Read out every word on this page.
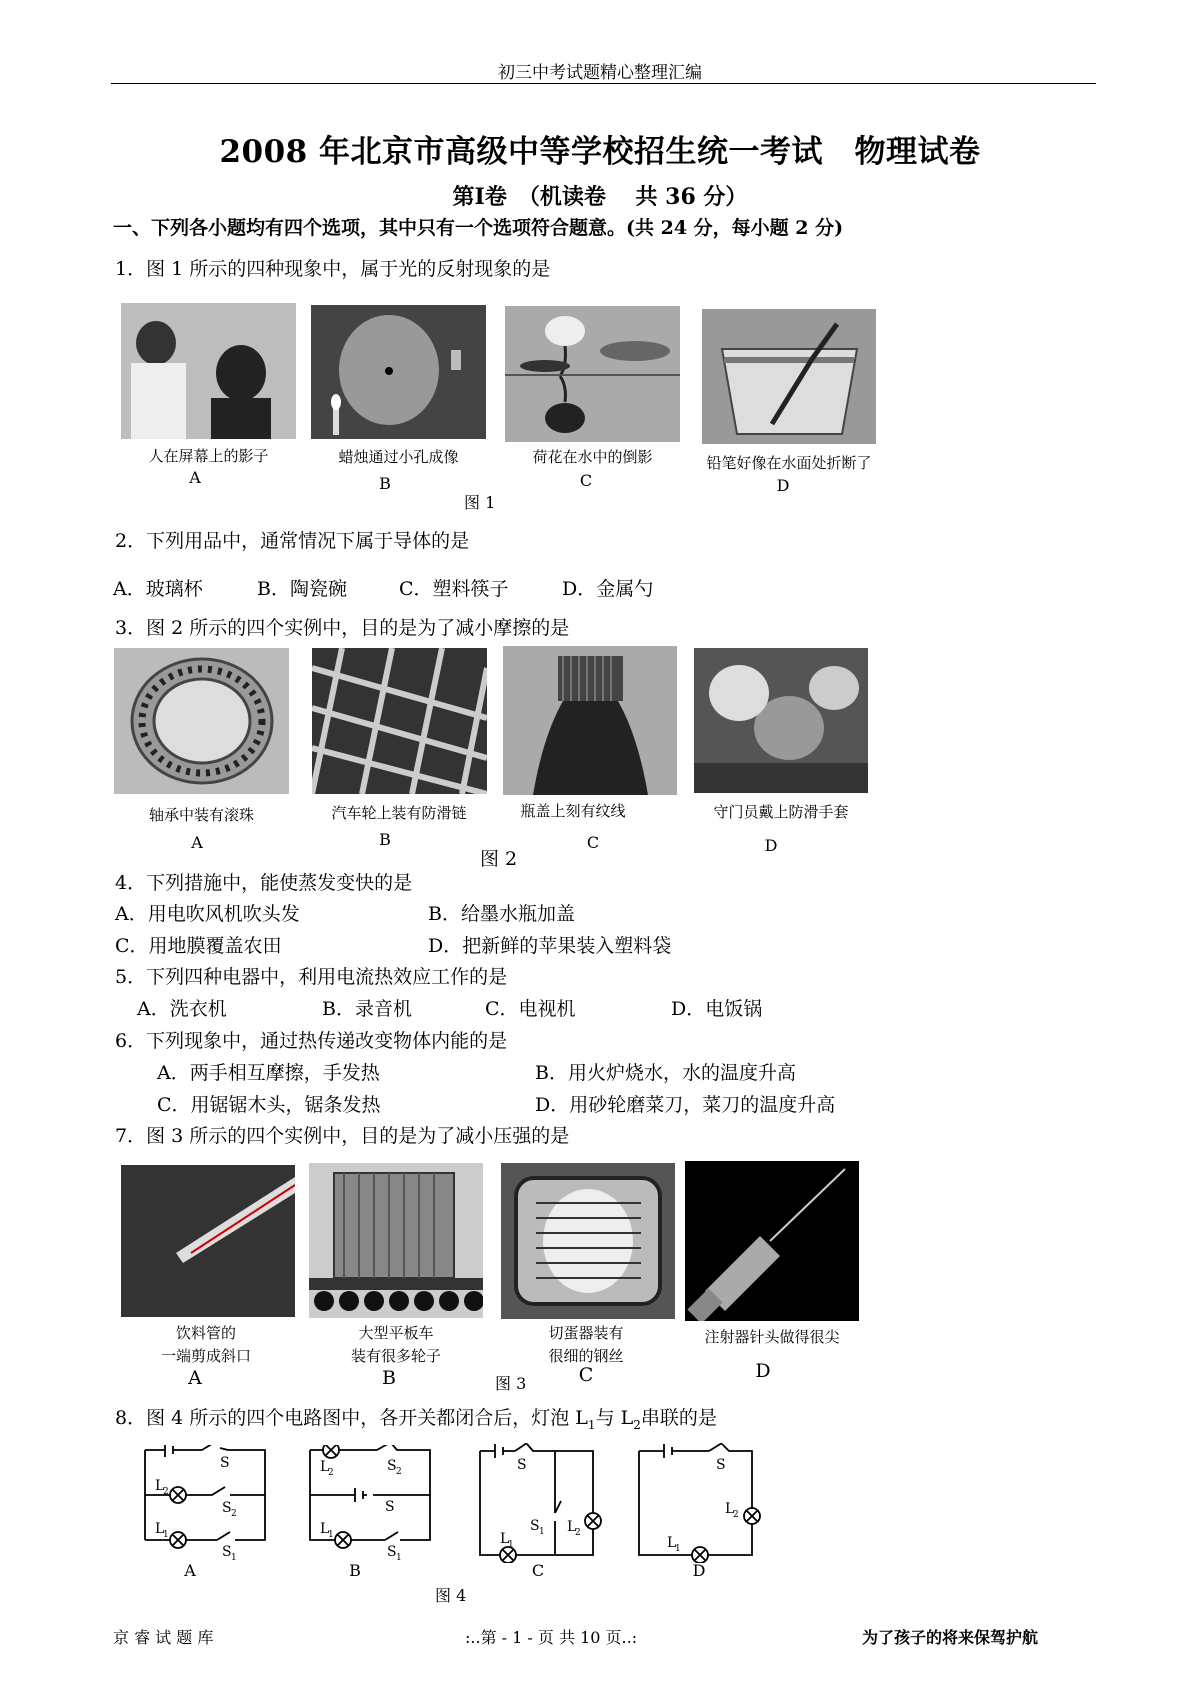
初三中考试题精心整理汇编
2008 年北京市高级中等学校招生统一考试　物理试卷
第Ⅰ卷　（机读卷　 共 36 分）
一、下列各小题均有四个选项，其中只有一个选项符合题意。(共 24 分，每小题 2 分)
1．图 1 所示的四种现象中，属于光的反射现象的是
人在屏幕上的影子
A
蜡烛通过小孔成像
B
荷花在水中的倒影
C
铅笔好像在水面处折断了
D
图 1
2．下列用品中，通常情况下属于导体的是
A．玻璃杯	B．陶瓷碗	C．塑料筷子	D．金属勺
3．图 2 所示的四个实例中，目的是为了减小摩擦的是
轴承中装有滚珠
A
汽车轮上装有防滑链
B
瓶盖上刻有纹线
C
守门员戴上防滑手套
D
图 2
4．下列措施中，能使蒸发变快的是
A．用电吹风机吹头发	B．给墨水瓶加盖
C．用地膜覆盖农田	D．把新鲜的苹果装入塑料袋
5．下列四种电器中，利用电流热效应工作的是
A．洗衣机	B．录音机	C．电视机	D．电饭锅
6．下列现象中，通过热传递改变物体内能的是
A．两手相互摩擦，手发热	B．用火炉烧水，水的温度升高
C．用锯锯木头，锯条发热	D．用砂轮磨菜刀，菜刀的温度升高
7．图 3 所示的四个实例中，目的是为了减小压强的是
饮料管的
一端剪成斜口
A
大型平板车
装有很多轮子
B
切蛋器装有
很细的钢丝
C
注射器针头做得很尖
D
图 3
8．图 4 所示的四个电路图中，各开关都闭合后，灯泡 $L_1$与 $L_2$串联的是
S
L
2
S 2
L
1
S 1
A
S 2
L
2
S
L
1
S 1
B
S
S 1 L
2
L
1
C
S
L
2
L
1
D
图 4
京 睿 试 题 库	:..第 - 1 - 页 共 10 页..:	为了孩子的将来保驾护航
